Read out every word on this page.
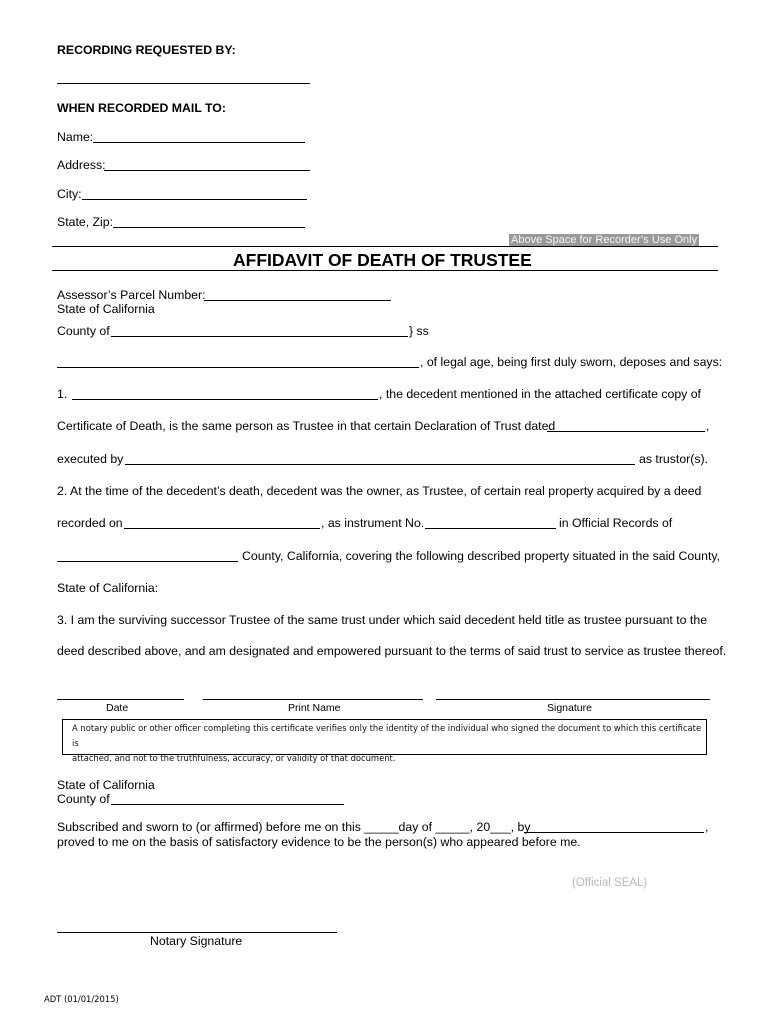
RECORDING REQUESTED BY:
WHEN RECORDED MAIL TO:
Name:
Address:
City:
State, Zip:
Above Space for Recorder’s Use Only
AFFIDAVIT OF DEATH OF TRUSTEE
Assessor’s Parcel Number:
State of California
County of	} ss
, of legal age, being first duly sworn, deposes and says:
1.	, the decedent mentioned in the attached certificate copy of
Certificate of Death, is the same person as Trustee in that certain Declaration of Trust dated	,
executed by	as trustor(s).
2. At the time of the decedent’s death, decedent was the owner, as Trustee, of certain real property acquired by a deed
recorded on	, as instrument No.	in Official Records of
County, California, covering the following described property situated in the said County,
State of California:
3. I am the surviving successor Trustee of the same trust under which said decedent held title as trustee pursuant to the
deed described above, and am designated and empowered pursuant to the terms of said trust to service as trustee thereof.
Date	Print Name	Signature
A notary public or other officer completing this certificate verifies only the identity of the individual who signed the document to which this certificate is
attached, and not to the truthfulness, accuracy, or validity of that document.
State of California
County of
Subscribed and sworn to (or affirmed) before me on this _____day of _____, 20___, by	,
proved to me on the basis of satisfactory evidence to be the person(s) who appeared before me.
(Official SEAL)
Notary Signature
ADT (01/01/2015)
